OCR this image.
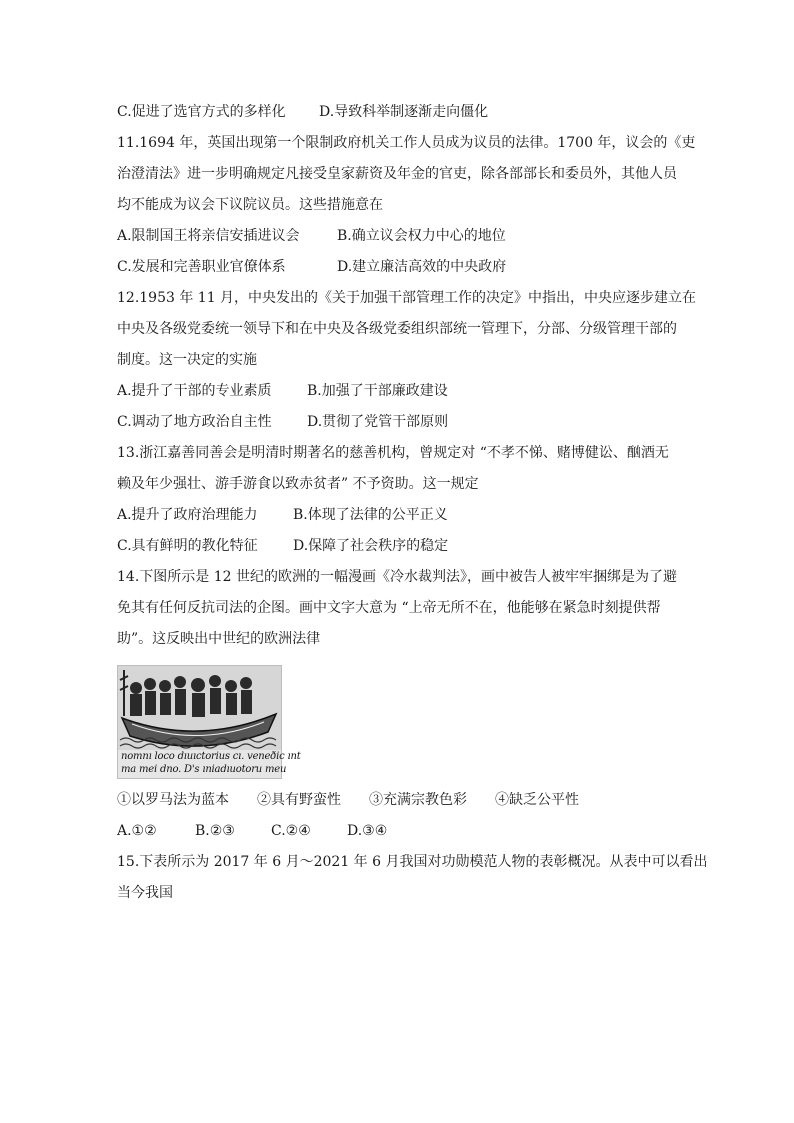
C.促进了选官方式的多样化	D.导致科举制逐渐走向僵化
11.1694 年，英国出现第一个限制政府机关工作人员成为议员的法律。1700 年，议会的《吏
治澄清法》进一步明确规定凡接受皇家薪资及年金的官吏，除各部部长和委员外，其他人员
均不能成为议会下议院议员。这些措施意在
A.限制国王将亲信安插进议会	B.确立议会权力中心的地位
C.发展和完善职业官僚体系	D.建立廉洁高效的中央政府
12.1953 年 11 月，中央发出的《关于加强干部管理工作的决定》中指出，中央应逐步建立在
中央及各级党委统一领导下和在中央及各级党委组织部统一管理下，分部、分级管理干部的
制度。这一决定的实施
A.提升了干部的专业素质	B.加强了干部廉政建设
C.调动了地方政治自主性	D.贯彻了党管干部原则
13.浙江嘉善同善会是明清时期著名的慈善机构，曾规定对 “不孝不悌、赌博健讼、酗酒无
赖及年少强壮、游手游食以致赤贫者” 不予资助。这一规定
A.提升了政府治理能力	B.体现了法律的公平正义
C.具有鲜明的教化特征	D.保障了社会秩序的稳定
14.下图所示是 12 世纪的欧洲的一幅漫画《冷水裁判法》，画中被告人被牢牢捆绑是为了避
免其有任何反抗司法的企图。画中文字大意为 “上帝无所不在，他能够在紧急时刻提供帮
助”。这反映出中世纪的欧洲法律
nomnı loco dıuıctorius cı. veneðic ınt
ma mei dno. D's ıniadıuotoru meu
①以罗马法为蓝本　　②具有野蛮性　　③充满宗教色彩　　④缺乏公平性
A.①②	B.②③	C.②④	D.③④
15.下表所示为 2017 年 6 月～2021 年 6 月我国对功勋模范人物的表彰概况。从表中可以看出
当今我国
